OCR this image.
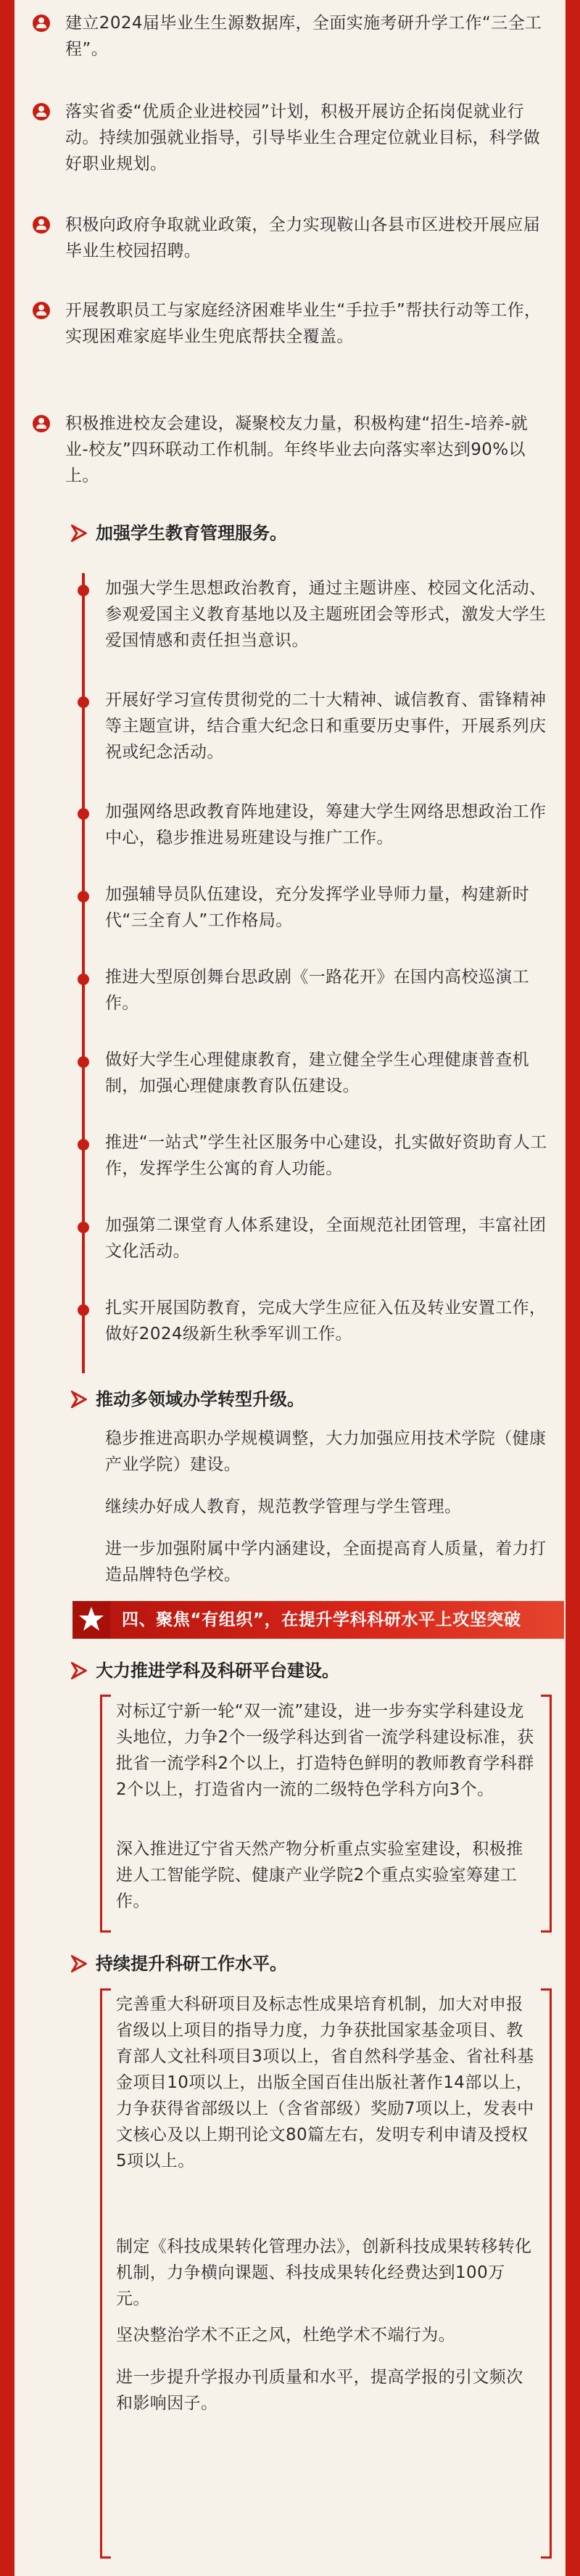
建立2024届毕业生生源数据库，全面实施考研升学工作“三全工程”。
落实省委“优质企业进校园”计划，积极开展访企拓岗促就业行动。持续加强就业指导，引导毕业生合理定位就业目标，科学做好职业规划。
积极向政府争取就业政策，全力实现鞍山各县市区进校开展应届毕业生校园招聘。
开展教职员工与家庭经济困难毕业生“手拉手”帮扶行动等工作，实现困难家庭毕业生兜底帮扶全覆盖。
积极推进校友会建设，凝聚校友力量，积极构建“招生-培养-就业-校友”四环联动工作机制。年终毕业去向落实率达到90%以上。
加强学生教育管理服务。
加强大学生思想政治教育，通过主题讲座、校园文化活动、参观爱国主义教育基地以及主题班团会等形式，激发大学生爱国情感和责任担当意识。
开展好学习宣传贯彻党的二十大精神、诚信教育、雷锋精神等主题宣讲，结合重大纪念日和重要历史事件，开展系列庆祝或纪念活动。
加强网络思政教育阵地建设，筹建大学生网络思想政治工作中心，稳步推进易班建设与推广工作。
加强辅导员队伍建设，充分发挥学业导师力量，构建新时代“三全育人”工作格局。
推进大型原创舞台思政剧《一路花开》在国内高校巡演工作。
做好大学生心理健康教育，建立健全学生心理健康普查机制，加强心理健康教育队伍建设。
推进“一站式”学生社区服务中心建设，扎实做好资助育人工作，发挥学生公寓的育人功能。
加强第二课堂育人体系建设，全面规范社团管理，丰富社团文化活动。
扎实开展国防教育，完成大学生应征入伍及转业安置工作，做好2024级新生秋季军训工作。
推动多领域办学转型升级。
稳步推进高职办学规模调整，大力加强应用技术学院（健康产业学院）建设。
继续办好成人教育，规范教学管理与学生管理。
进一步加强附属中学内涵建设，全面提高育人质量，着力打造品牌特色学校。
四、聚焦“有组织”，在提升学科科研水平上攻坚突破
大力推进学科及科研平台建设。
对标辽宁新一轮“双一流”建设，进一步夯实学科建设龙头地位，力争2个一级学科达到省一流学科建设标准，获批省一流学科2个以上，打造特色鲜明的教师教育学科群2个以上，打造省内一流的二级特色学科方向3个。
深入推进辽宁省天然产物分析重点实验室建设，积极推进人工智能学院、健康产业学院2个重点实验室筹建工作。
持续提升科研工作水平。
完善重大科研项目及标志性成果培育机制，加大对申报省级以上项目的指导力度，力争获批国家基金项目、教育部人文社科项目3项以上，省自然科学基金、省社科基金项目10项以上，出版全国百佳出版社著作14部以上，力争获得省部级以上（含省部级）奖励7项以上，发表中文核心及以上期刊论文80篇左右，发明专利申请及授权5项以上。
制定《科技成果转化管理办法》，创新科技成果转移转化机制，力争横向课题、科技成果转化经费达到100万元。
坚决整治学术不正之风，杜绝学术不端行为。
进一步提升学报办刊质量和水平，提高学报的引文频次和影响因子。
